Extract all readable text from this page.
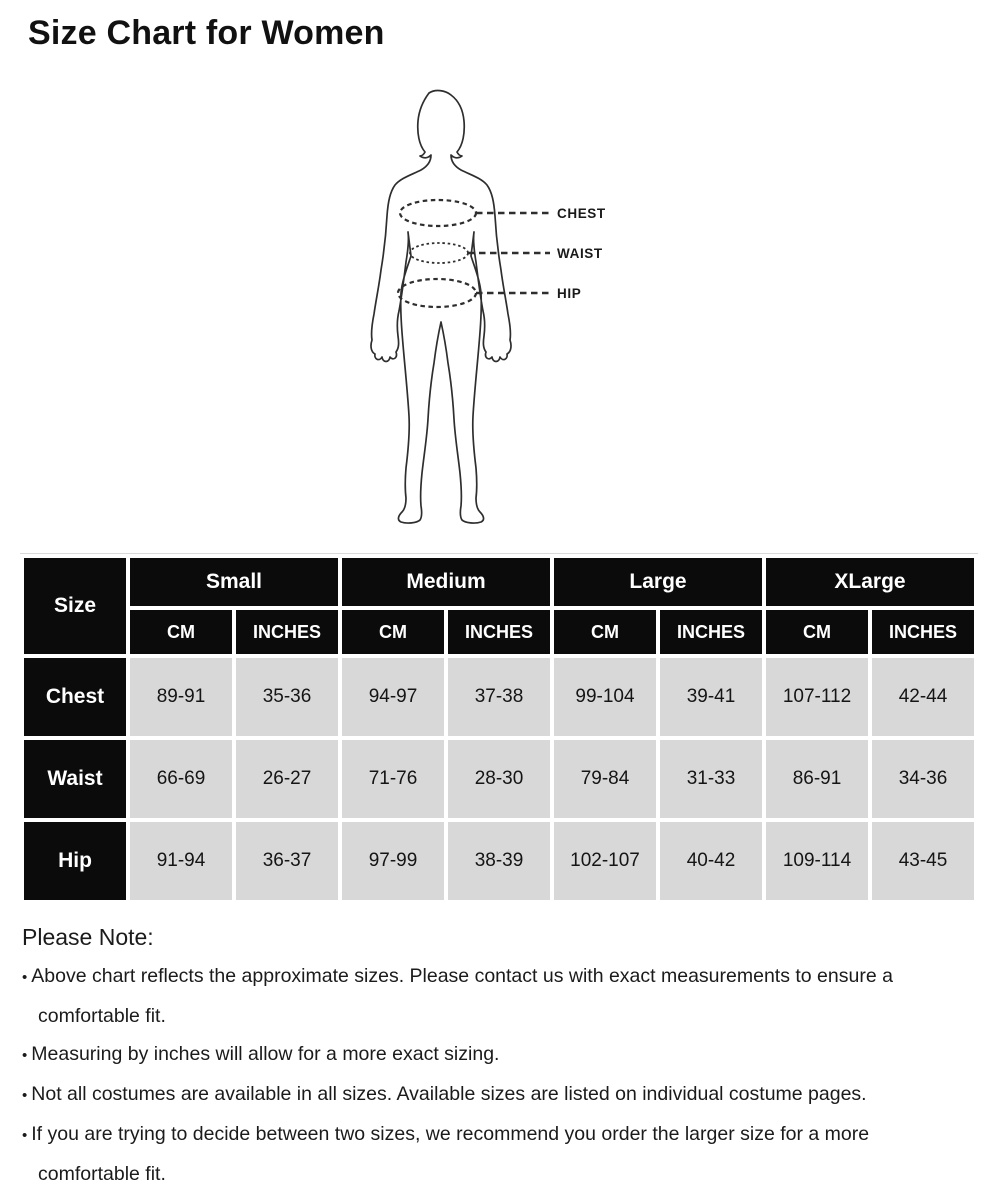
Size Chart for Women
CHEST
WAIST
HIP
Size	Small		Medium		Large		XLarge	
	CM	INCHES	CM	INCHES	CM	INCHES	CM	INCHES
Chest	89-91	35-36	94-97	37-38	99-104	39-41	107-112	42-44
Waist	66-69	26-27	71-76	28-30	79-84	31-33	86-91	34-36
Hip	91-94	36-37	97-99	38-39	102-107	40-42	109-114	43-45

Please Note:

• Above chart reflects the approximate sizes. Please contact us with exact measurements to ensure a comfortable fit.
• Measuring by inches will allow for a more exact sizing.
• Not all costumes are available in all sizes. Available sizes are listed on individual costume pages.
• If you are trying to decide between two sizes, we recommend you order the larger size for a more comfortable fit.
